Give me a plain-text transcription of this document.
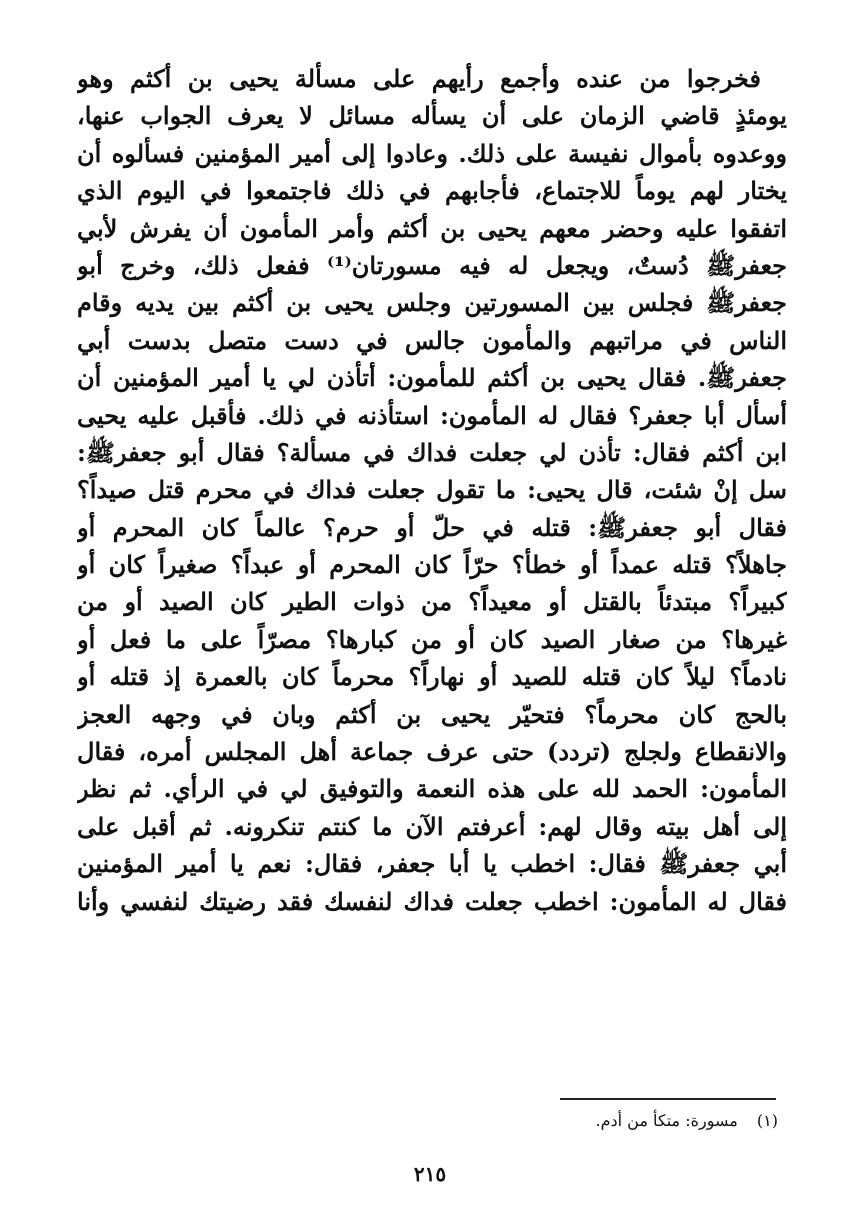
فخرجوا من عنده وأجمع رأيهم على مسألة يحيى بن أكثم وهو
يومئذٍ قاضي الزمان على أن يسأله مسائل لا يعرف الجواب عنها،
ووعدوه بأموال نفيسة على ذلك. وعادوا إلى أمير المؤمنين فسألوه أن
يختار لهم يوماً للاجتماع، فأجابهم في ذلك فاجتمعوا في اليوم الذي
اتفقوا عليه وحضر معهم يحيى بن أكثم وأمر المأمون أن يفرش لأبي
جعفرﷺ دُستٌ، ويجعل له فيه مسورتان⁽¹⁾ ففعل ذلك، وخرج أبو
جعفرﷺ فجلس بين المسورتين وجلس يحيى بن أكثم بين يديه وقام
الناس في مراتبهم والمأمون جالس في دست متصل بدست أبي
جعفرﷺ. فقال يحيى بن أكثم للمأمون: أتأذن لي يا أمير المؤمنين أن
أسأل أبا جعفر؟ فقال له المأمون: استأذنه في ذلك. فأقبل عليه يحيى
ابن أكثم فقال: تأذن لي جعلت فداك في مسألة؟ فقال أبو جعفرﷺ:
سل إنْ شئت، قال يحيى: ما تقول جعلت فداك في محرم قتل صيداً؟
فقال أبو جعفرﷺ: قتله في حلّ أو حرم؟ عالماً كان المحرم أو
جاهلاً؟ قتله عمداً أو خطأ؟ حرّاً كان المحرم أو عبداً؟ صغيراً كان أو
كبيراً؟ مبتدئاً بالقتل أو معيداً؟ من ذوات الطير كان الصيد أو من
غيرها؟ من صغار الصيد كان أو من كبارها؟ مصرّاً على ما فعل أو
نادماً؟ ليلاً كان قتله للصيد أو نهاراً؟ محرماً كان بالعمرة إذ قتله أو
بالحج كان محرماً؟ فتحيّر يحيى بن أكثم وبان في وجهه العجز
والانقطاع ولجلج (تردد) حتى عرف جماعة أهل المجلس أمره، فقال
المأمون: الحمد لله على هذه النعمة والتوفيق لي في الرأي. ثم نظر
إلى أهل بيته وقال لهم: أعرفتم الآن ما كنتم تنكرونه. ثم أقبل على
أبي جعفرﷺ فقال: اخطب يا أبا جعفر، فقال: نعم يا أمير المؤمنين
فقال له المأمون: اخطب جعلت فداك لنفسك فقد رضيتك لنفسي وأنا
(١) مسورة: متكأ من أدم.
٢١٥
